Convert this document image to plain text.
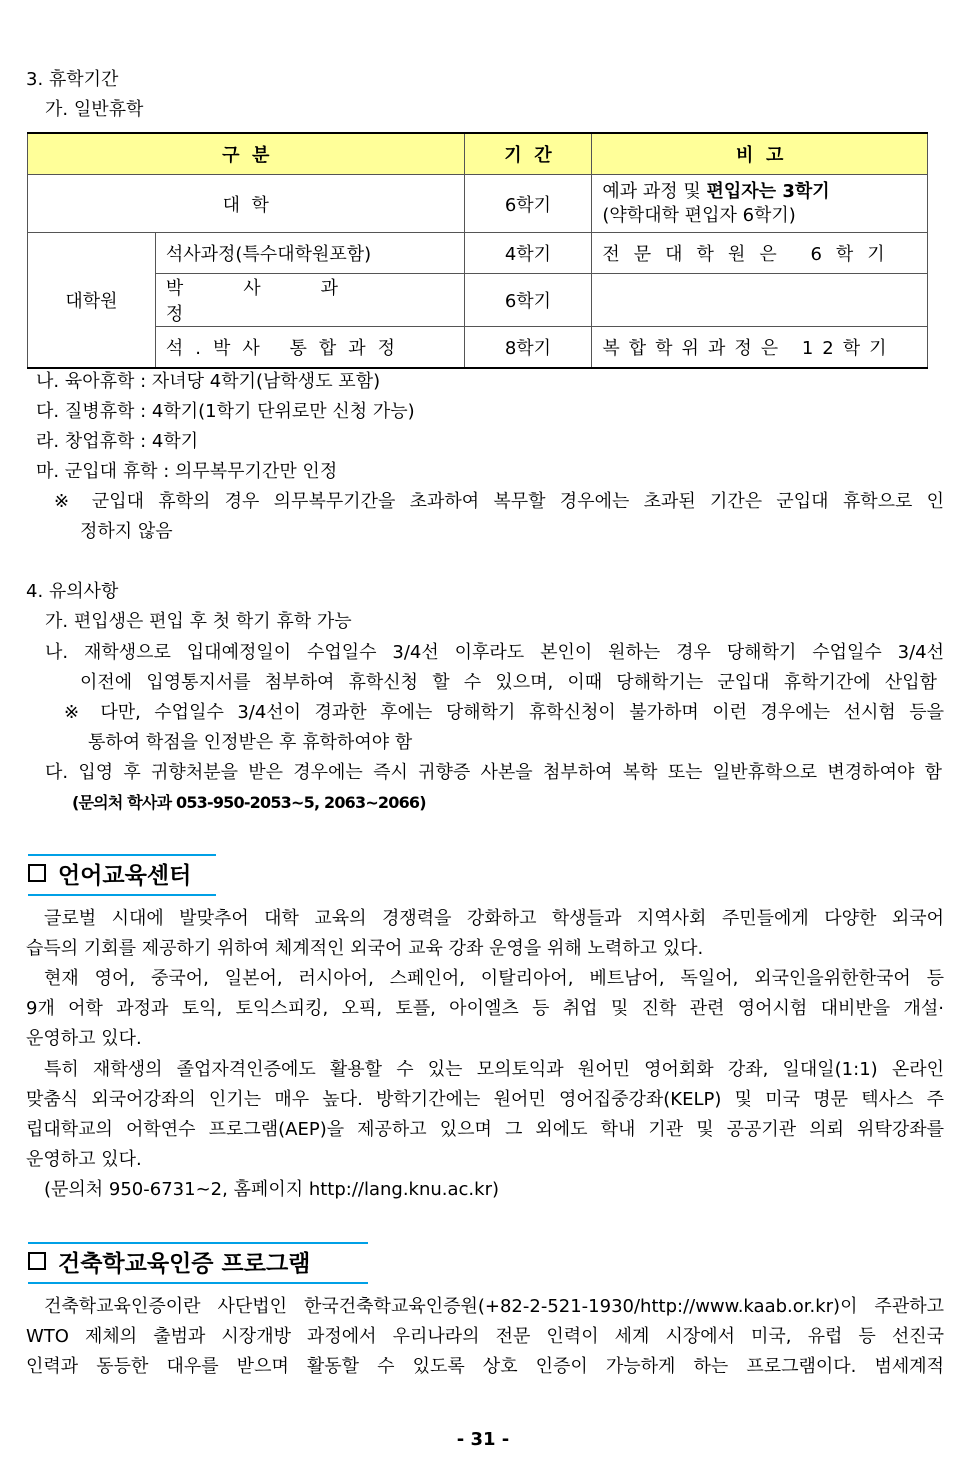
3. 휴학기간
가. 일반휴학
구  분		기  간	비  고
대  학		6학기	예과 과정 및 편입자는 3학기
(약학대학 편입자 6학기)

대학원	석사과정(특수대학원포함)	4학기	전문대학원은 6학기
	박사과정	6학기	
	석.박사 통합과정	8학기	복합학위과정은 12학기
나. 육아휴학 : 자녀당 4학기(남학생도 포함)
다. 질병휴학 : 4학기(1학기 단위로만 신청 가능)
라. 창업휴학 : 4학기
마. 군입대 휴학 : 의무복무기간만 인정
※ 군입대 휴학의 경우 의무복무기간을 초과하여 복무할 경우에는 초과된 기간은 군입대 휴학으로 인
정하지 않음
4. 유의사항
가. 편입생은 편입 후 첫 학기 휴학 가능
나. 재학생으로 입대예정일이 수업일수 3/4선 이후라도 본인이 원하는 경우 당해학기 수업일수 3/4선
이전에 입영통지서를 첨부하여 휴학신청 할 수 있으며, 이때 당해학기는 군입대 휴학기간에 산입함
※ 다만, 수업일수 3/4선이 경과한 후에는 당해학기 휴학신청이 불가하며 이런 경우에는 선시험 등을
통하여 학점을 인정받은 후 휴학하여야 함
다. 입영 후 귀향처분을 받은 경우에는 즉시 귀향증 사본을 첨부하여 복학 또는 일반휴학으로 변경하여야 함
(문의처 학사과 053-950-2053~5, 2063~2066)
언어교육센터
글로벌 시대에 발맞추어 대학 교육의 경쟁력을 강화하고 학생들과 지역사회 주민들에게 다양한 외국어
습득의 기회를 제공하기 위하여 체계적인 외국어 교육 강좌 운영을 위해 노력하고 있다.
현재 영어, 중국어, 일본어, 러시아어, 스페인어, 이탈리아어, 베트남어, 독일어, 외국인을위한한국어 등
9개 어학 과정과 토익, 토익스피킹, 오픽, 토플, 아이엘츠 등 취업 및 진학 관련 영어시험 대비반을 개설·
운영하고 있다.
특히 재학생의 졸업자격인증에도 활용할 수 있는 모의토익과 원어민 영어회화 강좌, 일대일(1:1) 온라인
맞춤식 외국어강좌의 인기는 매우 높다. 방학기간에는 원어민 영어집중강좌(KELP) 및 미국 명문 텍사스 주
립대학교의 어학연수 프로그램(AEP)을 제공하고 있으며 그 외에도 학내 기관 및 공공기관 의뢰 위탁강좌를
운영하고 있다.
(문의처 950-6731~2, 홈페이지 http://lang.knu.ac.kr)
건축학교육인증 프로그램
건축학교육인증이란 사단법인 한국건축학교육인증원(+82-2-521-1930/http://www.kaab.or.kr)이 주관하고
WTO 제체의 출범과 시장개방 과정에서 우리나라의 전문 인력이 세계 시장에서 미국, 유럽 등 선진국
인력과 동등한 대우를 받으며 활동할 수 있도록 상호 인증이 가능하게 하는 프로그램이다. 범세계적
- 31 -
